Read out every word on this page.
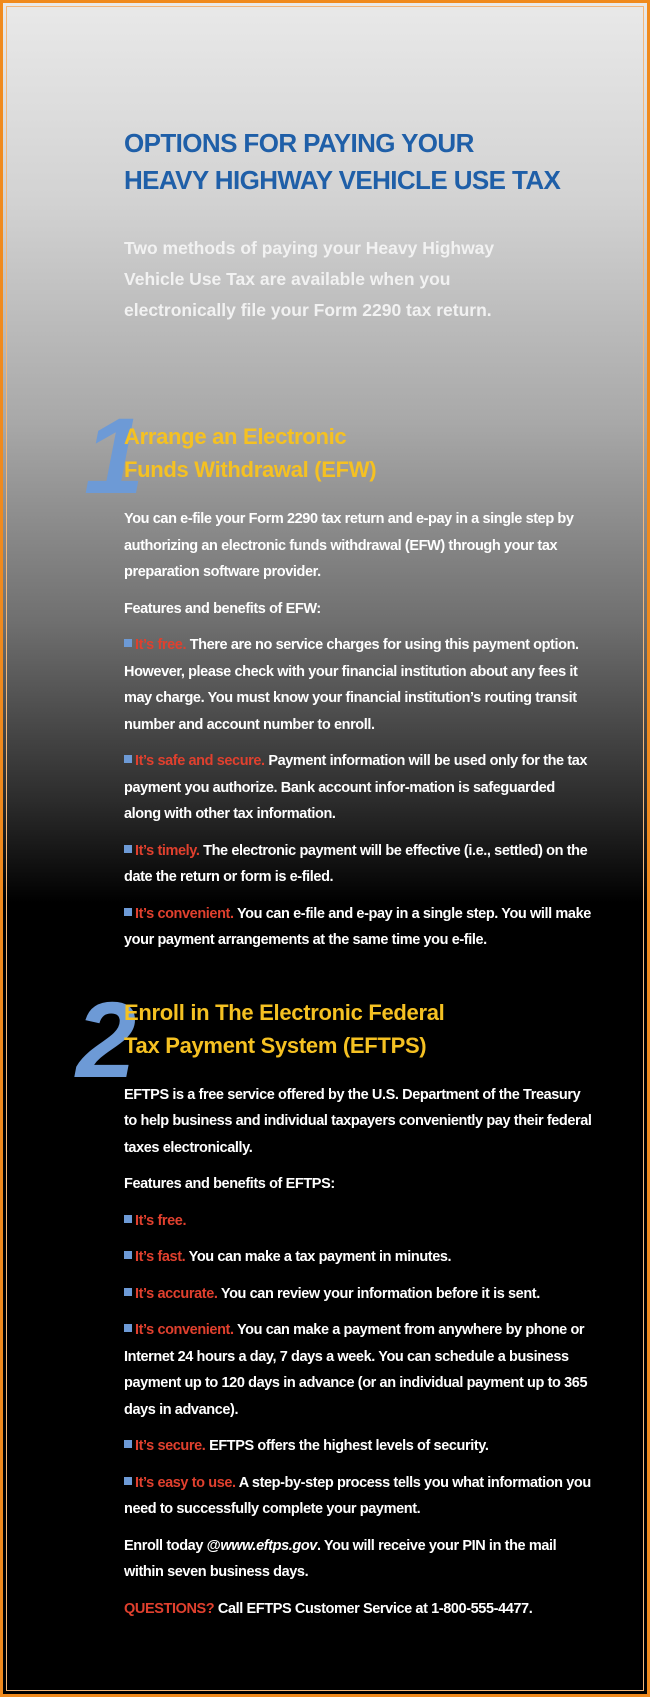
OPTIONS FOR PAYING YOUR
HEAVY HIGHWAY VEHICLE USE TAX

Two methods of paying your Heavy Highway Vehicle Use Tax are available when you electronically file your Form 2290 tax return.

1
Arrange an Electronic
Funds Withdrawal (EFW)

You can e-file your Form 2290 tax return and e-pay in a single step by authorizing an electronic funds withdrawal (EFW) through your tax preparation software provider.

Features and benefits of EFW:

It’s free. There are no service charges for using this payment option. However, please check with your financial institution about any fees it may charge. You must know your financial institution’s routing transit number and account number to enroll.

It’s safe and secure. Payment information will be used only for the tax payment you authorize. Bank account infor-mation is safeguarded along with other tax information.

It’s timely. The electronic payment will be effective (i.e., settled) on the date the return or form is e-filed.

It’s convenient. You can e-file and e-pay in a single step. You will make your payment arrangements at the same time you e-file.

2
Enroll in The Electronic Federal
Tax Payment System (EFTPS)

EFTPS is a free service offered by the U.S. Department of the Treasury to help business and individual taxpayers conveniently pay their federal taxes electronically.

Features and benefits of EFTPS:

It’s free.

It’s fast. You can make a tax payment in minutes.

It’s accurate. You can review your information before it is sent.

It’s convenient. You can make a payment from anywhere by phone or Internet 24 hours a day, 7 days a week. You can schedule a business payment up to 120 days in advance (or an individual payment up to 365 days in advance).

It’s secure. EFTPS offers the highest levels of security.

It’s easy to use. A step-by-step process tells you what information you need to successfully complete your payment.

Enroll today @www.eftps.gov. You will receive your PIN in the mail within seven business days.

QUESTIONS? Call EFTPS Customer Service at 1-800-555-4477.
